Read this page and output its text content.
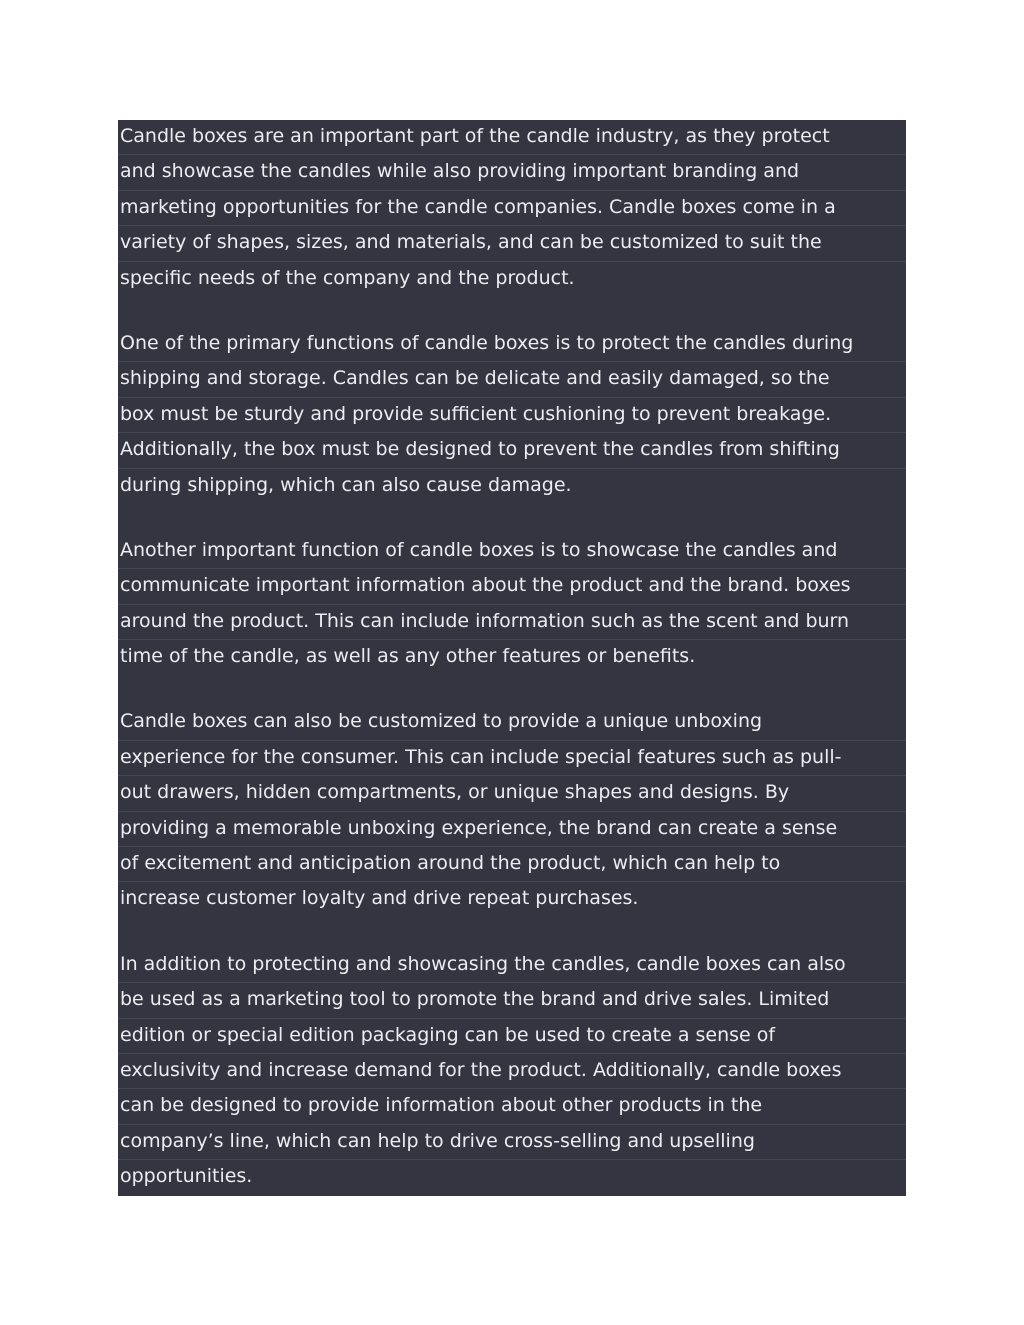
Candle boxes are an important part of the candle industry, as they protect
and showcase the candles while also providing important branding and
marketing opportunities for the candle companies. Candle boxes come in a
variety of shapes, sizes, and materials, and can be customized to suit the
specific needs of the company and the product.

One of the primary functions of candle boxes is to protect the candles during
shipping and storage. Candles can be delicate and easily damaged, so the
box must be sturdy and provide sufficient cushioning to prevent breakage.
Additionally, the box must be designed to prevent the candles from shifting
during shipping, which can also cause damage.

Another important function of candle boxes is to showcase the candles and
communicate important information about the product and the brand. boxes
around the product. This can include information such as the scent and burn
time of the candle, as well as any other features or benefits.

Candle boxes can also be customized to provide a unique unboxing
experience for the consumer. This can include special features such as pull-
out drawers, hidden compartments, or unique shapes and designs. By
providing a memorable unboxing experience, the brand can create a sense
of excitement and anticipation around the product, which can help to
increase customer loyalty and drive repeat purchases.

In addition to protecting and showcasing the candles, candle boxes can also
be used as a marketing tool to promote the brand and drive sales. Limited
edition or special edition packaging can be used to create a sense of
exclusivity and increase demand for the product. Additionally, candle boxes
can be designed to provide information about other products in the
company’s line, which can help to drive cross-selling and upselling
opportunities.
